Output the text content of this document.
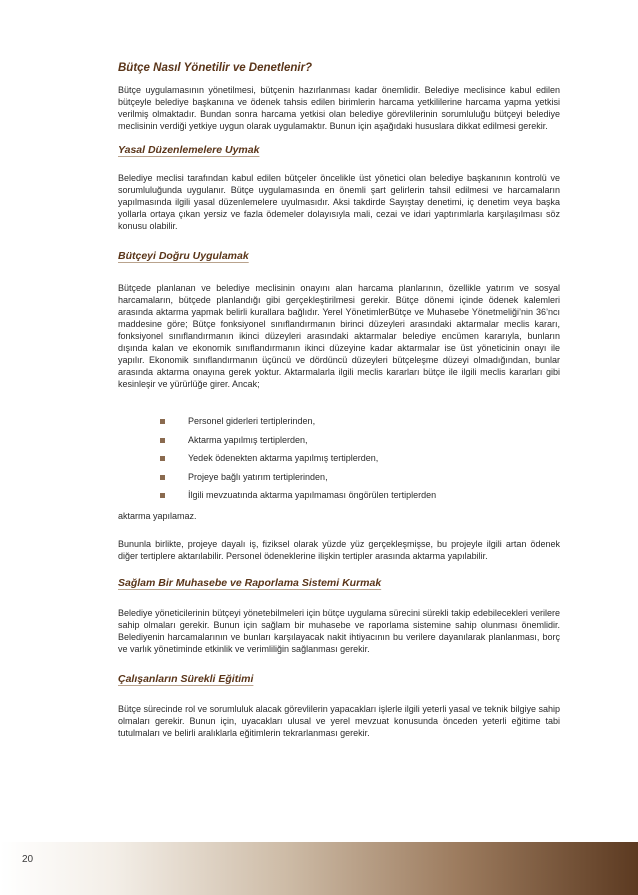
Bütçe Nasıl Yönetilir ve Denetlenir?

Bütçe uygulamasının yönetilmesi, bütçenin hazırlanması kadar önemlidir. Belediye meclisince kabul edilen bütçeyle belediye başkanına ve ödenek tahsis edilen birimlerin harcama yetkililerine harcama yapma yetkisi verilmiş olmaktadır. Bundan sonra harcama yetkisi olan belediye görevlilerinin sorumluluğu bütçeyi belediye meclisinin verdiği yetkiye uygun olarak uygulamaktır. Bunun için aşağıdaki hususlara dikkat edilmesi gerekir.

Yasal Düzenlemelere Uymak

Belediye meclisi tarafından kabul edilen bütçeler öncelikle üst yönetici olan belediye başkanının kontrolü ve sorumluluğunda uygulanır. Bütçe uygulamasında en önemli şart gelirlerin tahsil edilmesi ve harcamaların yapılmasında ilgili yasal düzenlemelere uyulmasıdır. Aksi takdirde Sayıştay denetimi, iç denetim veya başka yollarla ortaya çıkan yersiz ve fazla ödemeler dolayısıyla mali, cezai ve idari yaptırımlarla karşılaşılması söz konusu olabilir.

Bütçeyi Doğru Uygulamak

Bütçede planlanan ve belediye meclisinin onayını alan harcama planlarının, özellikle yatırım ve sosyal harcamaların, bütçede planlandığı gibi gerçekleştirilmesi gerekir. Bütçe dönemi içinde ödenek kalemleri arasında aktarma yapmak belirli kurallara bağlıdır. Yerel YönetimlerBütçe ve Muhasebe Yönetmeliği’nin 36’ncı maddesine göre; Bütçe fonksiyonel sınıflandırmanın birinci düzeyleri arasındaki aktarmalar meclis kararı, fonksiyonel sınıflandırmanın ikinci düzeyleri arasındaki aktarmalar belediye encümen kararıyla, bunların dışında kalan ve ekonomik sınıflandırmanın ikinci düzeyine kadar aktarmalar ise üst yöneticinin onayı ile yapılır. Ekonomik sınıflandırmanın üçüncü ve dördüncü düzeyleri bütçeleşme düzeyi olmadığından, bunlar arasında aktarma onayına gerek yoktur. Aktarmalarla ilgili meclis kararları bütçe ile ilgili meclis kararları gibi kesinleşir ve yürürlüğe girer. Ancak;

Personel giderleri tertiplerinden,
Aktarma yapılmış tertiplerden,
Yedek ödenekten aktarma yapılmış tertiplerden,
Projeye bağlı yatırım tertiplerinden,
İlgili mevzuatında aktarma yapılmaması öngörülen tertiplerden

aktarma yapılamaz.

Bununla birlikte, projeye dayalı iş, fiziksel olarak yüzde yüz gerçekleşmişse, bu projeyle ilgili artan ödenek diğer tertiplere aktarılabilir. Personel ödeneklerine ilişkin tertipler arasında aktarma yapılabilir.

Sağlam Bir Muhasebe ve Raporlama Sistemi Kurmak

Belediye yöneticilerinin bütçeyi yönetebilmeleri için bütçe uygulama sürecini sürekli takip edebilecekleri verilere sahip olmaları gerekir. Bunun için sağlam bir muhasebe ve raporlama sistemine sahip olunması önemlidir. Belediyenin harcamalarının ve bunları karşılayacak nakit ihtiyacının bu verilere dayanılarak planlanması, borç ve varlık yönetiminde etkinlik ve verimliliğin sağlanması gerekir.

Çalışanların Sürekli Eğitimi

Bütçe sürecinde rol ve sorumluluk alacak görevlilerin yapacakları işlerle ilgili yeterli yasal ve teknik bilgiye sahip olmaları gerekir. Bunun için, uyacakları ulusal ve yerel mevzuat konusunda önceden yeterli eğitime tabi tutulmaları ve belirli aralıklarla eğitimlerin tekrarlanması gerekir.

20
